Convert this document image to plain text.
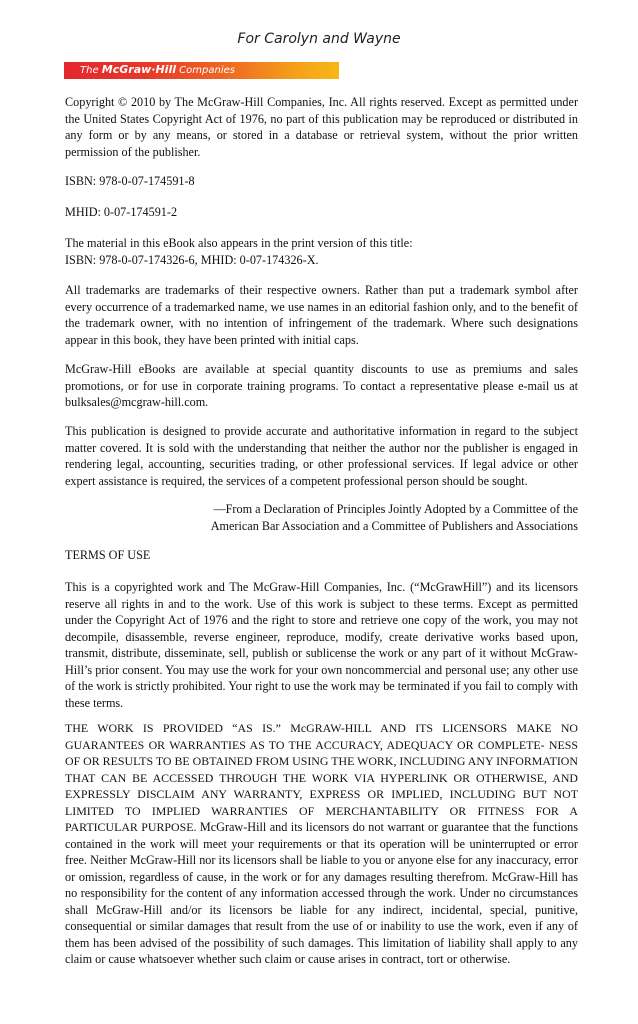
For Carolyn and Wayne
The McGraw·Hill Companies

Copyright © 2010 by The McGraw-Hill Companies, Inc. All rights reserved. Except as permitted under the United States Copyright Act of 1976, no part of this publication may be reproduced or distributed in any form or by any means, or stored in a database or retrieval system, without the prior written permission of the publisher.

ISBN: 978-0-07-174591-8

MHID: 0-07-174591-2

The material in this eBook also appears in the print version of this title:
ISBN: 978-0-07-174326-6, MHID: 0-07-174326-X.

All trademarks are trademarks of their respective owners. Rather than put a trademark symbol after every occurrence of a trademarked name, we use names in an editorial fashion only, and to the benefit of the trademark owner, with no intention of infringement of the trademark. Where such designations appear in this book, they have been printed with initial caps.

McGraw-Hill eBooks are available at special quantity discounts to use as premiums and sales promotions, or for use in corporate training programs. To contact a representative please e-mail us at bulksales@mcgraw-hill.com.

This publication is designed to provide accurate and authoritative information in regard to the subject matter covered. It is sold with the understanding that neither the author nor the publisher is engaged in rendering legal, accounting, securities trading, or other professional services. If legal advice or other expert assistance is required, the services of a competent professional person should be sought.

—From a Declaration of Principles Jointly Adopted by a Committee of the
American Bar Association and a Committee of Publishers and Associations

TERMS OF USE

This is a copyrighted work and The McGraw-Hill Companies, Inc. (“McGrawHill”) and its licensors reserve all rights in and to the work. Use of this work is subject to these terms. Except as permitted under the Copyright Act of 1976 and the right to store and retrieve one copy of the work, you may not decompile, disassemble, reverse engineer, reproduce, modify, create derivative works based upon, transmit, distribute, disseminate, sell, publish or sublicense the work or any part of it without McGraw-Hill’s prior consent. You may use the work for your own noncommercial and personal use; any other use of the work is strictly prohibited. Your right to use the work may be terminated if you fail to comply with these terms.

THE WORK IS PROVIDED “AS IS.” McGRAW-HILL AND ITS LICENSORS MAKE NO GUARANTEES OR WARRANTIES AS TO THE ACCURACY, ADEQUACY OR COMPLETE- NESS OF OR RESULTS TO BE OBTAINED FROM USING THE WORK, INCLUDING ANY INFORMATION THAT CAN BE ACCESSED THROUGH THE WORK VIA HYPERLINK OR OTHERWISE, AND EXPRESSLY DISCLAIM ANY WARRANTY, EXPRESS OR IMPLIED, INCLUDING BUT NOT LIMITED TO IMPLIED WARRANTIES OF MERCHANTABILITY OR FITNESS FOR A PARTICULAR PURPOSE. McGraw-Hill and its licensors do not warrant or guarantee that the functions contained in the work will meet your requirements or that its operation will be uninterrupted or error free. Neither McGraw-Hill nor its licensors shall be liable to you or anyone else for any inaccuracy, error or omission, regardless of cause, in the work or for any damages resulting therefrom. McGraw-Hill has no responsibility for the content of any information accessed through the work. Under no circumstances shall McGraw-Hill and/or its licensors be liable for any indirect, incidental, special, punitive, consequential or similar damages that result from the use of or inability to use the work, even if any of them has been advised of the possibility of such damages. This limitation of liability shall apply to any claim or cause whatsoever whether such claim or cause arises in contract, tort or otherwise.
